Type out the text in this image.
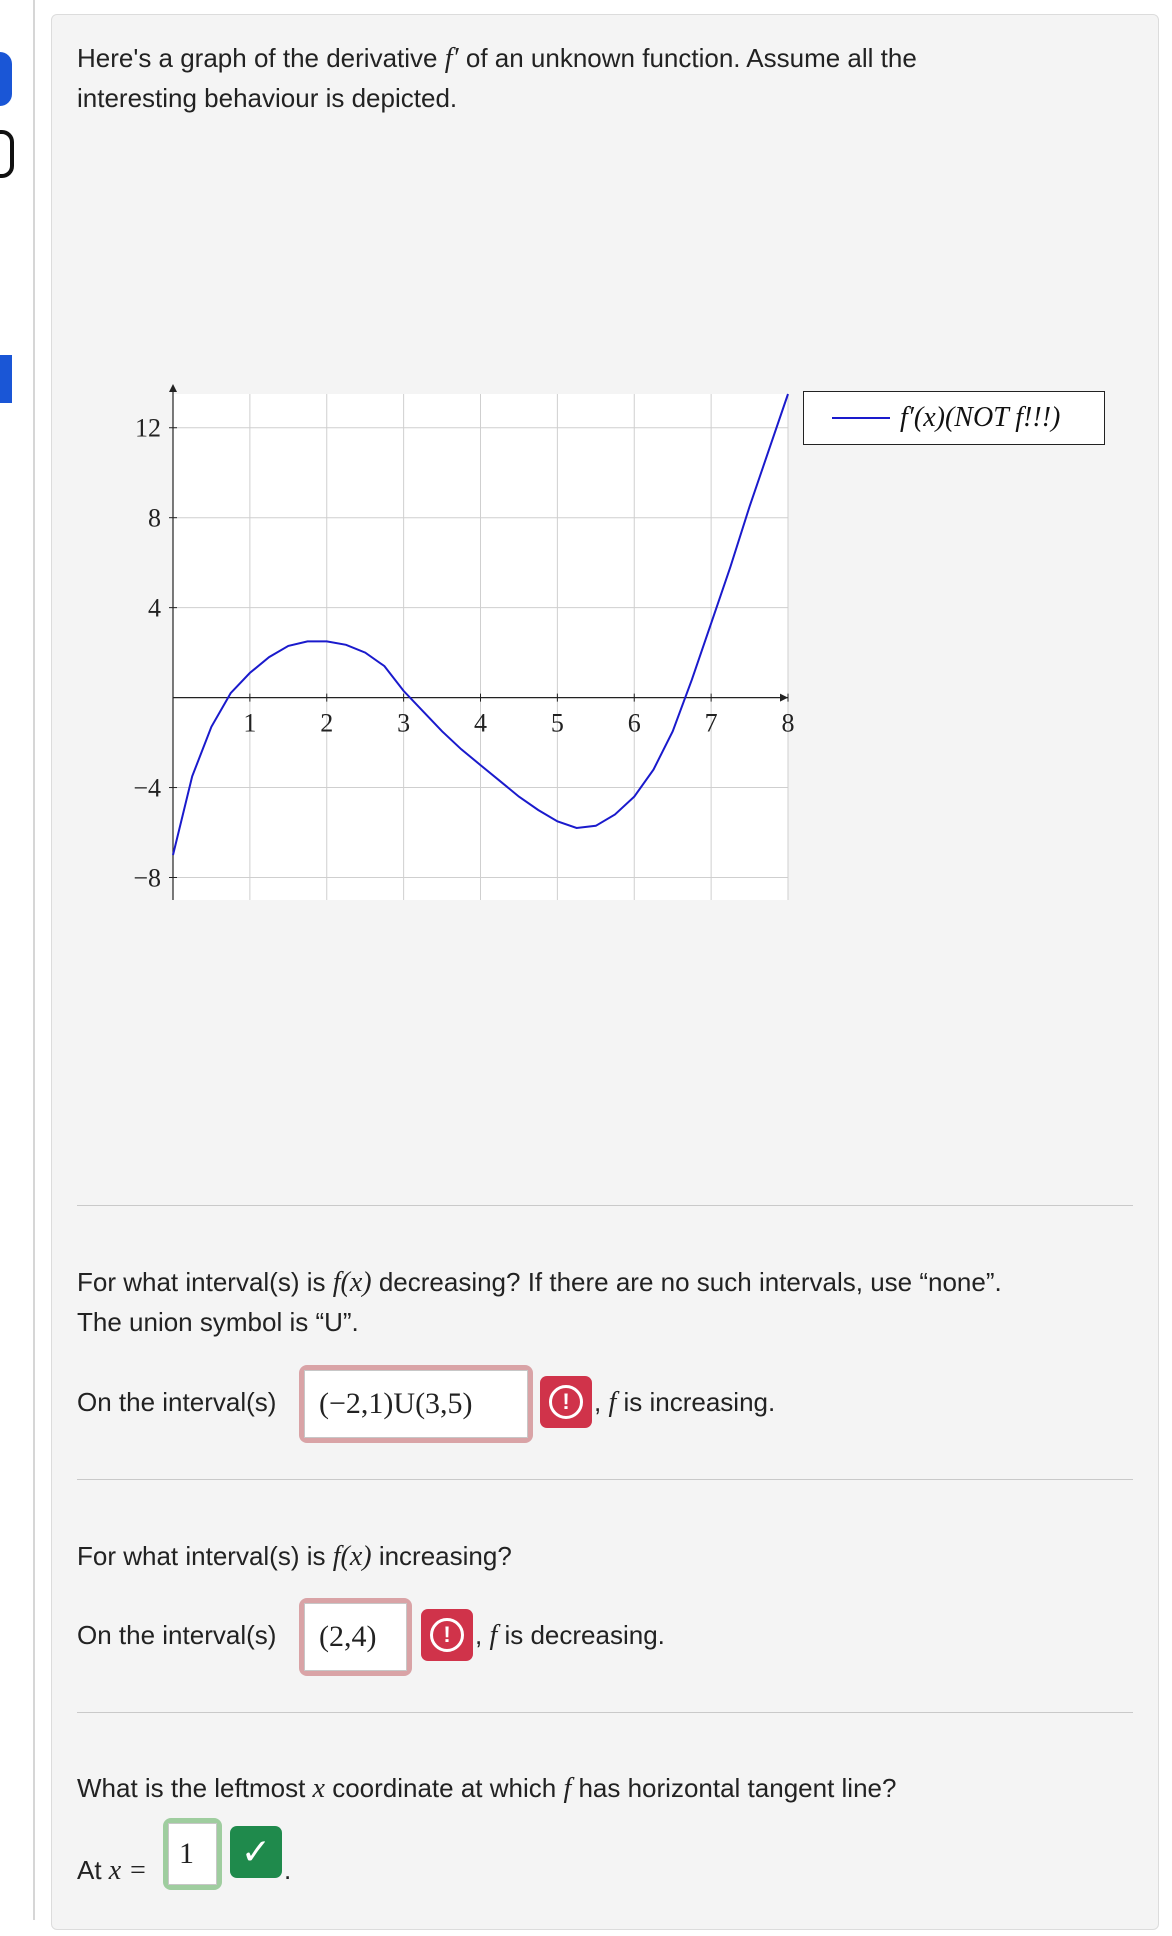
Here's a graph of the derivative f′ of an unknown function. Assume all the
interesting behaviour is depicted.
1 2 3 4 5 6 7 8
12
8
4
−4
−8
f′(x)(NOT f!!!)
For what interval(s) is f(x) decreasing? If there are no such intervals, use “none”.
The union symbol is “U”.
On the interval(s)	(−2,1)U(3,5)	! , f is increasing.
For what interval(s) is f(x) increasing?
On the interval(s)	(2,4)	! , f is decreasing.
What is the leftmost x coordinate at which f has horizontal tangent line?
At x =
1	✓ .
